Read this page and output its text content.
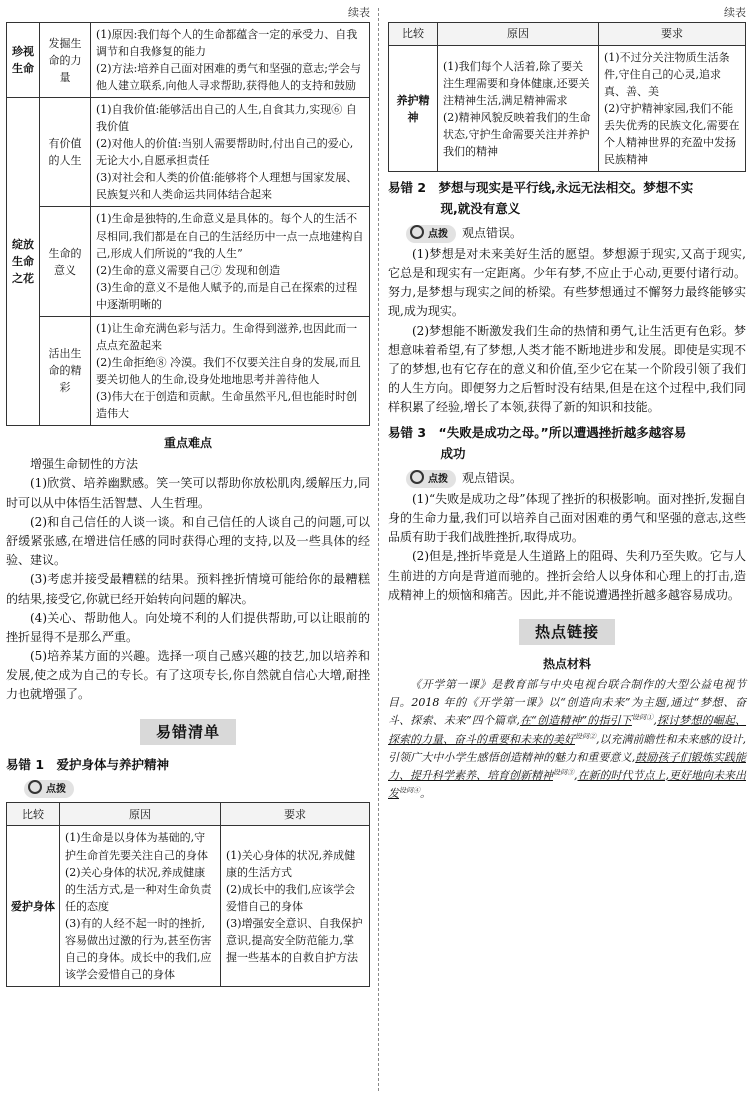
续表
珍视生命	发掘生命的力量	(1)原因:我们每个人的生命都蕴含一定的承受力、自我调节和自我修复的能力
(2)方法:培养自己面对困难的勇气和坚强的意志;学会与他人建立联系,向他人寻求帮助,获得他人的支持和鼓励
绽放生命之花	有价值的人生	(1)自我价值:能够活出自己的人生,自食其力,实现⑥ 自我价值
(2)对他人的价值:当别人需要帮助时,付出自己的爱心,无论大小,自愿承担责任
(3)对社会和人类的价值:能够将个人理想与国家发展、民族复兴和人类命运共同体结合起来
	生命的意义	(1)生命是独特的,生命意义是具体的。每个人的生活不尽相同,我们都是在自己的生活经历中一点一点地建构自己,形成人们所说的“我的人生”
(2)生命的意义需要自己⑦ 发现和创造
(3)生命的意义不是他人赋予的,而是自己在探索的过程中逐渐明晰的
	活出生命的精彩	(1)让生命充满色彩与活力。生命得到滋养,也因此而一点点充盈起来
(2)生命拒绝⑧ 冷漠。我们不仅要关注自身的发展,而且要关切他人的生命,设身处地地思考并善待他人
(3)伟大在于创造和贡献。生命虽然平凡,但也能时时创造伟大
重点难点

增强生命韧性的方法

(1)欣赏、培养幽默感。笑一笑可以帮助你放松肌肉,缓解压力,同时可以从中体悟生活智慧、人生哲理。

(2)和自己信任的人谈一谈。和自己信任的人谈自己的问题,可以舒缓紧张感,在增进信任感的同时获得心理的支持,以及一些具体的经验、建议。

(3)考虑并接受最糟糕的结果。预料挫折情境可能给你的最糟糕的结果,接受它,你就已经开始转向问题的解决。

(4)关心、帮助他人。向处境不利的人们提供帮助,可以让眼前的挫折显得不是那么严重。

(5)培养某方面的兴趣。选择一项自己感兴趣的技艺,加以培养和发展,使之成为自己的专长。有了这项专长,你自然就自信心大增,耐挫力也就增强了。

易错清单
易错 1　爱护身体与养护精神
点拨
比较	原因	要求
爱护身体	(1)生命是以身体为基础的,守护生命首先要关注自己的身体
(2)关心身体的状况,养成健康的生活方式,是一种对生命负责任的态度
(3)有的人经不起一时的挫折,容易做出过激的行为,甚至伤害自己的身体。成长中的我们,应该学会爱惜自己的身体	(1)关心身体的状况,养成健康的生活方式
(2)成长中的我们,应该学会爱惜自己的身体
(3)增强安全意识、自我保护意识,提高安全防范能力,掌握一些基本的自救自护方法
续表
比较	原因	要求
养护精神	(1)我们每个人活着,除了要关注生理需要和身体健康,还要关注精神生活,满足精神需求
(2)精神风貌反映着我们的生命状态,守护生命需要关注并养护我们的精神	(1)不过分关注物质生活条件,守住自己的心灵,追求真、善、美
(2)守护精神家园,我们不能丢失优秀的民族文化,需要在个人精神世界的充盈中发扬民族精神
易错 2　梦想与现实是平行线,永远无法相交。梦想不实
现,就没有意义
点拨 观点错误。

(1)梦想是对未来美好生活的愿望。梦想源于现实,又高于现实,它总是和现实有一定距离。少年有梦,不应止于心动,更要付诸行动。努力,是梦想与现实之间的桥梁。有些梦想通过不懈努力最终能够实现,成为现实。

(2)梦想能不断激发我们生命的热情和勇气,让生活更有色彩。梦想意味着希望,有了梦想,人类才能不断地进步和发展。即使是实现不了的梦想,也有它存在的意义和价值,至少它在某一个阶段引领了我们的人生方向。即便努力之后暂时没有结果,但是在这个过程中,我们同样积累了经验,增长了本领,获得了新的知识和技能。

易错 3　“失败是成功之母。”所以遭遇挫折越多越容易
成功
点拨 观点错误。

(1)“失败是成功之母”体现了挫折的积极影响。面对挫折,发掘自身的生命力量,我们可以培养自己面对困难的勇气和坚强的意志,这些品质有助于我们战胜挫折,取得成功。

(2)但是,挫折毕竟是人生道路上的阻碍、失利乃至失败。它与人生前进的方向是背道而驰的。挫折会给人以身体和心理上的打击,造成精神上的烦恼和痛苦。因此,并不能说遭遇挫折越多越容易成功。

热点链接
热点材料

《开学第一课》是教育部与中央电视台联合制作的大型公益电视节目。2018 年的《开学第一课》以“创造向未来”为主题,通过“梦想、奋斗、探索、未来”四个篇章,在“创造精神”的指引下$^{设问①}$,探讨梦想的崛起、探索的力量、奋斗的重要和未来的美好$^{设问②}$,以充满前瞻性和未来感的设计,引领广大中小学生感悟创造精神的魅力和重要意义,鼓励孩子们锻炼实践能力、提升科学素养、培育创新精神$^{设问③}$,在新的时代节点上,更好地向未来出发$^{设问④}$。
